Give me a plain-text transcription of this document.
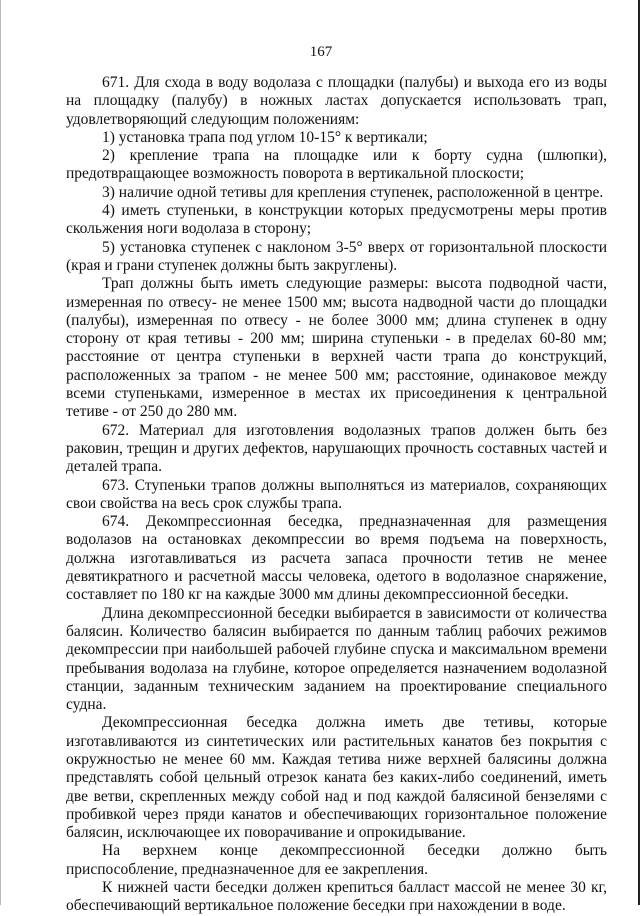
167

671. Для схода в воду водолаза с площадки (палубы) и выхода его из воды на площадку (палубу) в ножных ластах допускается использовать трап, удовлетворяющий следующим положениям:

1) установка трапа под углом 10-15° к вертикали;

2) крепление трапа на площадке или к борту судна (шлюпки), предотвращающее возможность поворота в вертикальной плоскости;

3) наличие одной тетивы для крепления ступенек, расположенной в центре.

4) иметь ступеньки, в конструкции которых предусмотрены меры против скольжения ноги водолаза в сторону;

5) установка ступенек с наклоном 3-5° вверх от горизонтальной плоскости (края и грани ступенек должны быть закруглены).

Трап должны быть иметь следующие размеры: высота подводной части, измеренная по отвесу- не менее 1500 мм; высота надводной части до площадки (палубы), измеренная по отвесу - не более 3000 мм; длина ступенек в одну сторону от края тетивы - 200 мм; ширина ступеньки - в пределах 60-80 мм; расстояние от центра ступеньки в верхней части трапа до конструкций, расположенных за трапом - не менее 500 мм; расстояние, одинаковое между всеми ступеньками, измеренное в местах их присоединения к центральной тетиве - от 250 до 280 мм.

672. Материал для изготовления водолазных трапов должен быть без раковин, трещин и других дефектов, нарушающих прочность составных частей и деталей трапа.

673. Ступеньки трапов должны выполняться из материалов, сохраняющих свои свойства на весь срок службы трапа.

674. Декомпрессионная беседка, предназначенная для размещения водолазов на остановках декомпрессии во время подъема на поверхность, должна изготавливаться из расчета запаса прочности тетив не менее девятикратного и расчетной массы человека, одетого в водолазное снаряжение, составляет по 180 кг на каждые 3000 мм длины декомпрессионной беседки.

Длина декомпрессионной беседки выбирается в зависимости от количества балясин. Количество балясин выбирается по данным таблиц рабочих режимов декомпрессии при наибольшей рабочей глубине спуска и максимальном времени пребывания водолаза на глубине, которое определяется назначением водолазной станции, заданным техническим заданием на проектирование специального судна.

Декомпрессионная беседка должна иметь две тетивы, которые изготавливаются из синтетических или растительных канатов без покрытия с окружностью не менее 60 мм. Каждая тетива ниже верхней балясины должна представлять собой цельный отрезок каната без каких-либо соединений, иметь две ветви, скрепленных между собой над и под каждой балясиной бензелями с пробивкой через пряди канатов и обеспечивающих горизонтальное положение балясин, исключающее их поворачивание и опрокидывание.

На верхнем конце декомпрессионной беседки должно быть приспособление, предназначенное для ее закрепления.

К нижней части беседки должен крепиться балласт массой не менее 30 кг, обеспечивающий вертикальное положение беседки при нахождении в воде.
